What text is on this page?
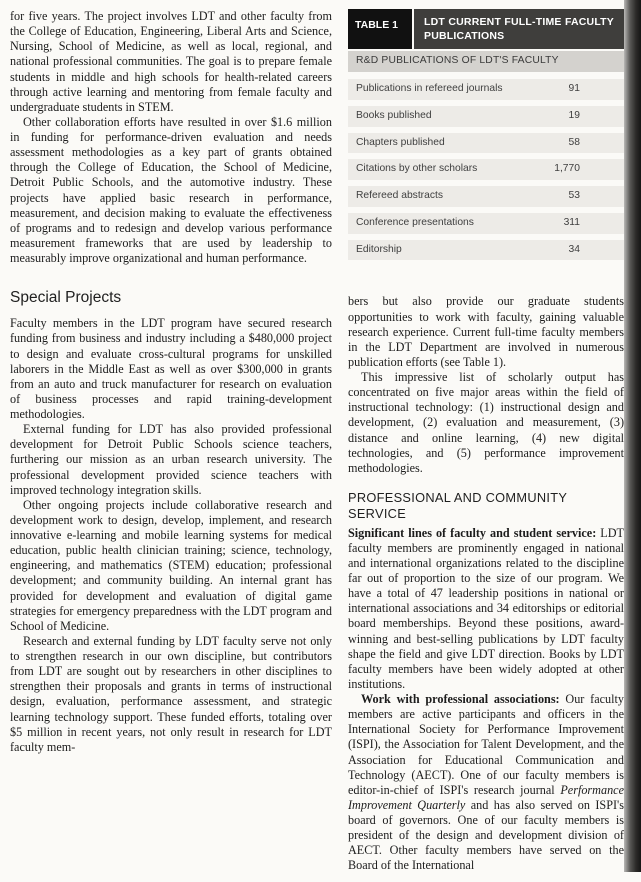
for five years. The project involves LDT and other faculty from the College of Education, Engineering, Liberal Arts and Science, Nursing, School of Medicine, as well as local, regional, and national professional communities. The goal is to prepare female students in middle and high schools for health-related careers through active learning and mentoring from female faculty and undergraduate students in STEM.

Other collaboration efforts have resulted in over $1.6 million in funding for performance-driven evaluation and needs assessment methodologies as a key part of grants obtained through the College of Education, the School of Medicine, Detroit Public Schools, and the automotive industry. These projects have applied basic research in performance, measurement, and decision making to evaluate the effectiveness of programs and to redesign and develop various performance measurement frameworks that are used by leadership to measurably improve organizational and human performance.

Special Projects

Faculty members in the LDT program have secured research funding from business and industry including a $480,000 project to design and evaluate cross-cultural programs for unskilled laborers in the Middle East as well as over $300,000 in grants from an auto and truck manufacturer for research on evaluation of business processes and rapid training-development methodologies.

External funding for LDT has also provided professional development for Detroit Public Schools science teachers, furthering our mission as an urban research university. The professional development provided science teachers with improved technology integration skills.

Other ongoing projects include collaborative research and development work to design, develop, implement, and research innovative e-learning and mobile learning systems for medical education, public health clinician training; science, technology, engineering, and mathematics (STEM) education; professional development; and community building. An internal grant has provided for development and evaluation of digital game strategies for emergency preparedness with the LDT program and School of Medicine.

Research and external funding by LDT faculty serve not only to strengthen research in our own discipline, but contributors from LDT are sought out by researchers in other disciplines to strengthen their proposals and grants in terms of instructional design, evaluation, performance assessment, and strategic learning technology support. These funded efforts, totaling over $5 million in recent years, not only result in research for LDT faculty mem-

TABLE 1	LDT CURRENT FULL-TIME FACULTY PUBLICATIONS
R&D PUBLICATIONS OF LDT'S FACULTY
Publications in refereed journals	91
Books published	19
Chapters published	58
Citations by other scholars	1,770
Refereed abstracts	53
Conference presentations	311
Editorship	34

bers but also provide our graduate students opportunities to work with faculty, gaining valuable research experience. Current full-time faculty members in the LDT Department are involved in numerous publication efforts (see Table 1).

This impressive list of scholarly output has concentrated on five major areas within the field of instructional technology: (1) instructional design and development, (2) evaluation and measurement, (3) distance and online learning, (4) new digital technologies, and (5) performance improvement methodologies.

PROFESSIONAL AND COMMUNITY SERVICE

Significant lines of faculty and student service: LDT faculty members are prominently engaged in national and international organizations related to the discipline far out of proportion to the size of our program. We have a total of 47 leadership positions in national or international associations and 34 editorships or editorial board memberships. Beyond these positions, award-winning and best-selling publications by LDT faculty shape the field and give LDT direction. Books by LDT faculty members have been widely adopted at other institutions.

Work with professional associations: Our faculty members are active participants and officers in the International Society for Performance Improvement (ISPI), the Association for Talent Development, and the Association for Educational Communication and Technology (AECT). One of our faculty members is editor-in-chief of ISPI's research journal Performance Improvement Quarterly and has also served on ISPI's board of governors. One of our faculty members is president of the design and development division of AECT. Other faculty members have served on the Board of the International
